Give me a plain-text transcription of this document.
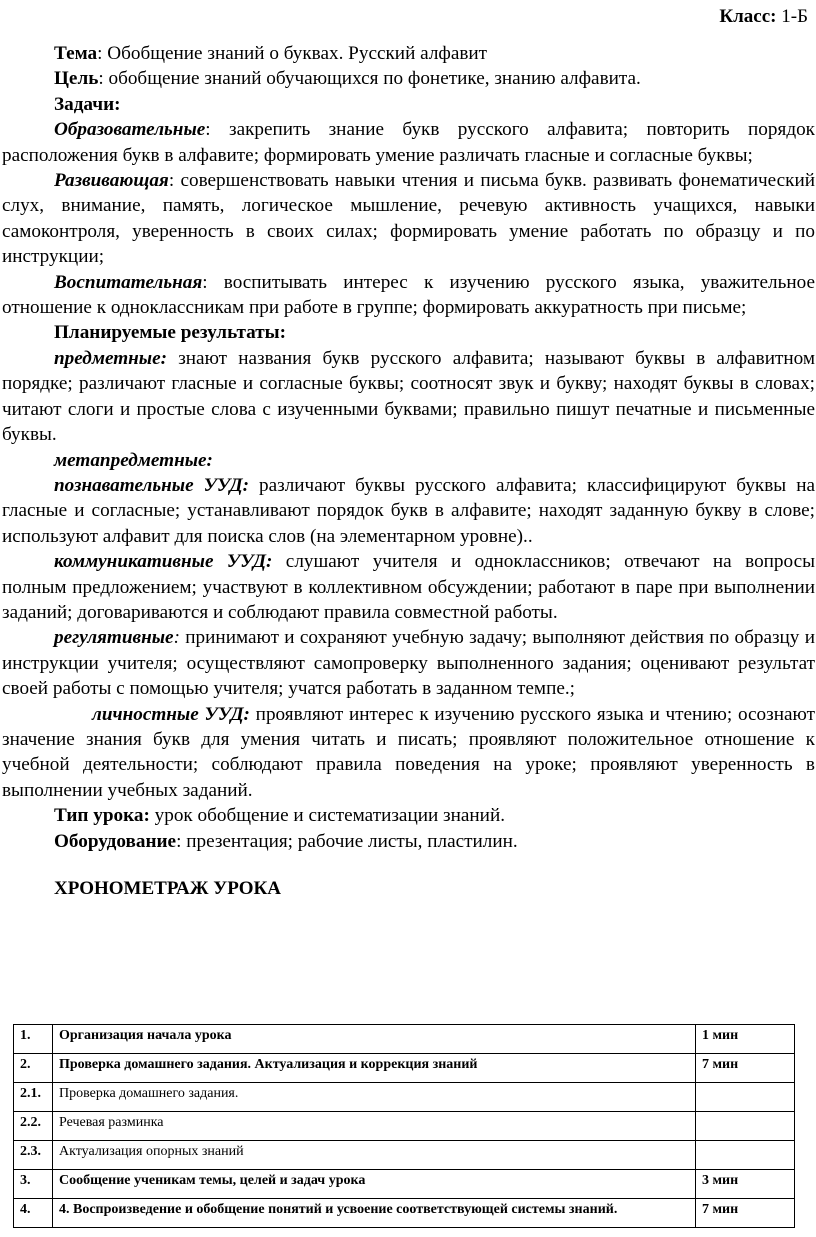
Класс: 1-Б

Тема: Обобщение знаний о буквах. Русский алфавит

Цель: обобщение знаний обучающихся по фонетике, знанию алфавита.

Задачи:

Образовательные: закрепить знание букв русского алфавита; повторить порядок расположения букв в алфавите; формировать умение различать гласные и согласные буквы;

Развивающая: совершенствовать навыки чтения и письма букв. развивать фонематический слух, внимание, память, логическое мышление, речевую активность учащихся, навыки самоконтроля, уверенность в своих силах; формировать умение работать по образцу и по инструкции;

Воспитательная: воспитывать интерес к изучению русского языка, уважительное отношение к одноклассникам при работе в группе; формировать аккуратность при письме;

Планируемые результаты:

предметные: знают названия букв русского алфавита; называют буквы в алфавитном порядке; различают гласные и согласные буквы; соотносят звук и букву; находят буквы в словах; читают слоги и простые слова с изученными буквами; правильно пишут печатные и письменные буквы.

метапредметные:

познавательные УУД: различают буквы русского алфавита; классифицируют буквы на гласные и согласные; устанавливают порядок букв в алфавите; находят заданную букву в слове; используют алфавит для поиска слов (на элементарном уровне)..

коммуникативные УУД: слушают учителя и одноклассников; отвечают на вопросы полным предложением; участвуют в коллективном обсуждении; работают в паре при выполнении заданий; договариваются и соблюдают правила совместной работы.

регулятивные: принимают и сохраняют учебную задачу; выполняют действия по образцу и инструкции учителя; осуществляют самопроверку выполненного задания; оценивают результат своей работы с помощью учителя; учатся работать в заданном темпе.;

личностные УУД: проявляют интерес к изучению русского языка и чтению; осознают значение знания букв для умения читать и писать; проявляют положительное отношение к учебной деятельности; соблюдают правила поведения на уроке; проявляют уверенность в выполнении учебных заданий.

Тип урока: урок обобщение и систематизации знаний.

Оборудование: презентация; рабочие листы, пластилин.

ХРОНОМЕТРАЖ УРОКА

1.	Организация начала урока	1 мин
2.	Проверка домашнего задания. Актуализация и коррекция знаний	7 мин
2.1.	Проверка домашнего задания.	
2.2.	Речевая разминка	
2.3.	Актуализация опорных знаний	
3.	Сообщение ученикам темы, целей и задач урока	3 мин
4.	4. Воспроизведение и обобщение понятий и усвоение соответствующей системы знаний.	7 мин
